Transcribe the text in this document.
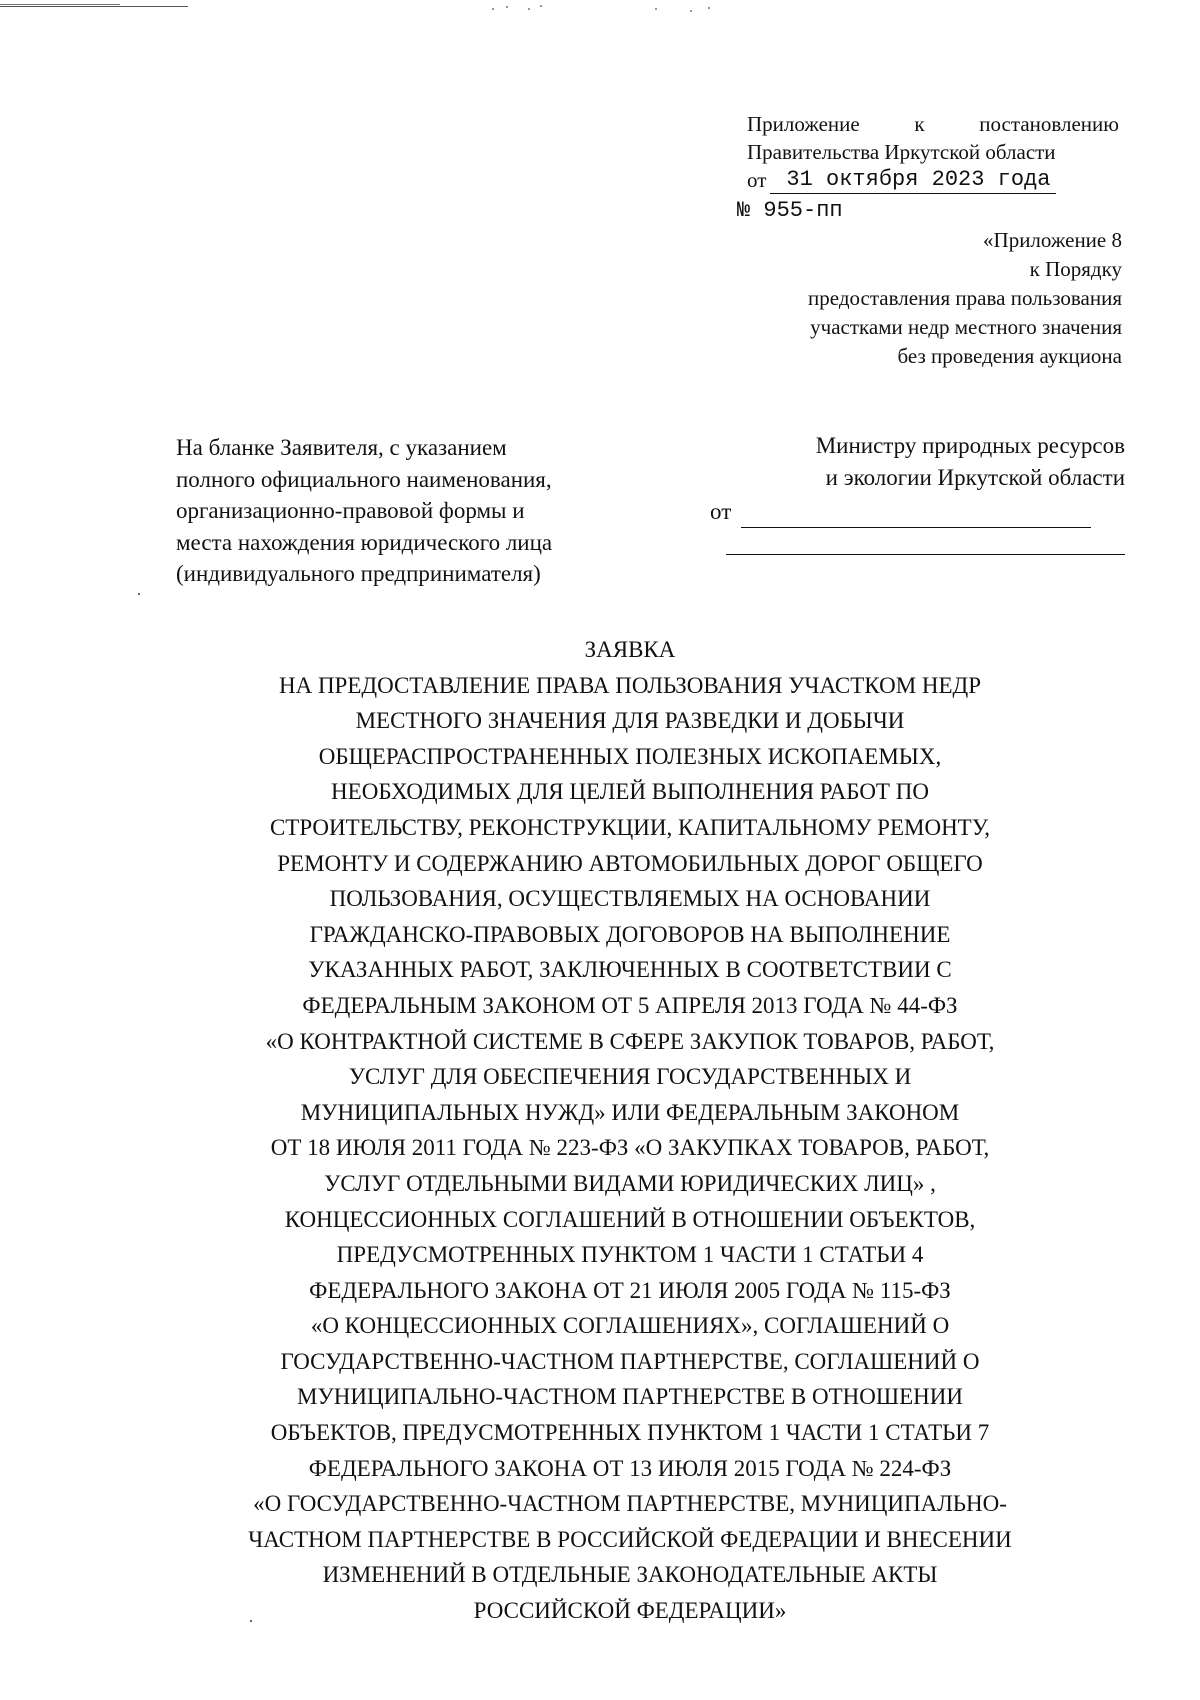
Приложение	к	постановлению
Правительства Иркутской области
от 31 октября 2023 года
№ 955-пп
«Приложение 8
к Порядку
предоставления права пользования
участками недр местного значения
без проведения аукциона
На бланке Заявителя, с указанием
полного официального наименования,
организационно-правовой формы и
места нахождения юридического лица
(индивидуального предпринимателя)
Министру природных ресурсов
и экологии Иркутской области
от
ЗАЯВКА
НА ПРЕДОСТАВЛЕНИЕ ПРАВА ПОЛЬЗОВАНИЯ УЧАСТКОМ НЕДР
МЕСТНОГО ЗНАЧЕНИЯ ДЛЯ РАЗВЕДКИ И ДОБЫЧИ
ОБЩЕРАСПРОСТРАНЕННЫХ ПОЛЕЗНЫХ ИСКОПАЕМЫХ,
НЕОБХОДИМЫХ ДЛЯ ЦЕЛЕЙ ВЫПОЛНЕНИЯ РАБОТ ПО
СТРОИТЕЛЬСТВУ, РЕКОНСТРУКЦИИ, КАПИТАЛЬНОМУ РЕМОНТУ,
РЕМОНТУ И СОДЕРЖАНИЮ АВТОМОБИЛЬНЫХ ДОРОГ ОБЩЕГО
ПОЛЬЗОВАНИЯ, ОСУЩЕСТВЛЯЕМЫХ НА ОСНОВАНИИ
ГРАЖДАНСКО-ПРАВОВЫХ ДОГОВОРОВ НА ВЫПОЛНЕНИЕ
УКАЗАННЫХ РАБОТ, ЗАКЛЮЧЕННЫХ В СООТВЕТСТВИИ С
ФЕДЕРАЛЬНЫМ ЗАКОНОМ ОТ 5 АПРЕЛЯ 2013 ГОДА № 44-ФЗ
«О КОНТРАКТНОЙ СИСТЕМЕ В СФЕРЕ ЗАКУПОК ТОВАРОВ, РАБОТ,
УСЛУГ ДЛЯ ОБЕСПЕЧЕНИЯ ГОСУДАРСТВЕННЫХ И
МУНИЦИПАЛЬНЫХ НУЖД» ИЛИ ФЕДЕРАЛЬНЫМ ЗАКОНОМ
ОТ 18 ИЮЛЯ 2011 ГОДА № 223-ФЗ «О ЗАКУПКАХ ТОВАРОВ, РАБОТ,
УСЛУГ ОТДЕЛЬНЫМИ ВИДАМИ ЮРИДИЧЕСКИХ ЛИЦ» ,
КОНЦЕССИОННЫХ СОГЛАШЕНИЙ В ОТНОШЕНИИ ОБЪЕКТОВ,
ПРЕДУСМОТРЕННЫХ ПУНКТОМ 1 ЧАСТИ 1 СТАТЬИ 4
ФЕДЕРАЛЬНОГО ЗАКОНА ОТ 21 ИЮЛЯ 2005 ГОДА № 115-ФЗ
«О КОНЦЕССИОННЫХ СОГЛАШЕНИЯХ», СОГЛАШЕНИЙ О
ГОСУДАРСТВЕННО-ЧАСТНОМ ПАРТНЕРСТВЕ, СОГЛАШЕНИЙ О
МУНИЦИПАЛЬНО-ЧАСТНОМ ПАРТНЕРСТВЕ В ОТНОШЕНИИ
ОБЪЕКТОВ, ПРЕДУСМОТРЕННЫХ ПУНКТОМ 1 ЧАСТИ 1 СТАТЬИ 7
ФЕДЕРАЛЬНОГО ЗАКОНА ОТ 13 ИЮЛЯ 2015 ГОДА № 224-ФЗ
«О ГОСУДАРСТВЕННО-ЧАСТНОМ ПАРТНЕРСТВЕ, МУНИЦИПАЛЬНО-
ЧАСТНОМ ПАРТНЕРСТВЕ В РОССИЙСКОЙ ФЕДЕРАЦИИ И ВНЕСЕНИИ
ИЗМЕНЕНИЙ В ОТДЕЛЬНЫЕ ЗАКОНОДАТЕЛЬНЫЕ АКТЫ
РОССИЙСКОЙ ФЕДЕРАЦИИ»
